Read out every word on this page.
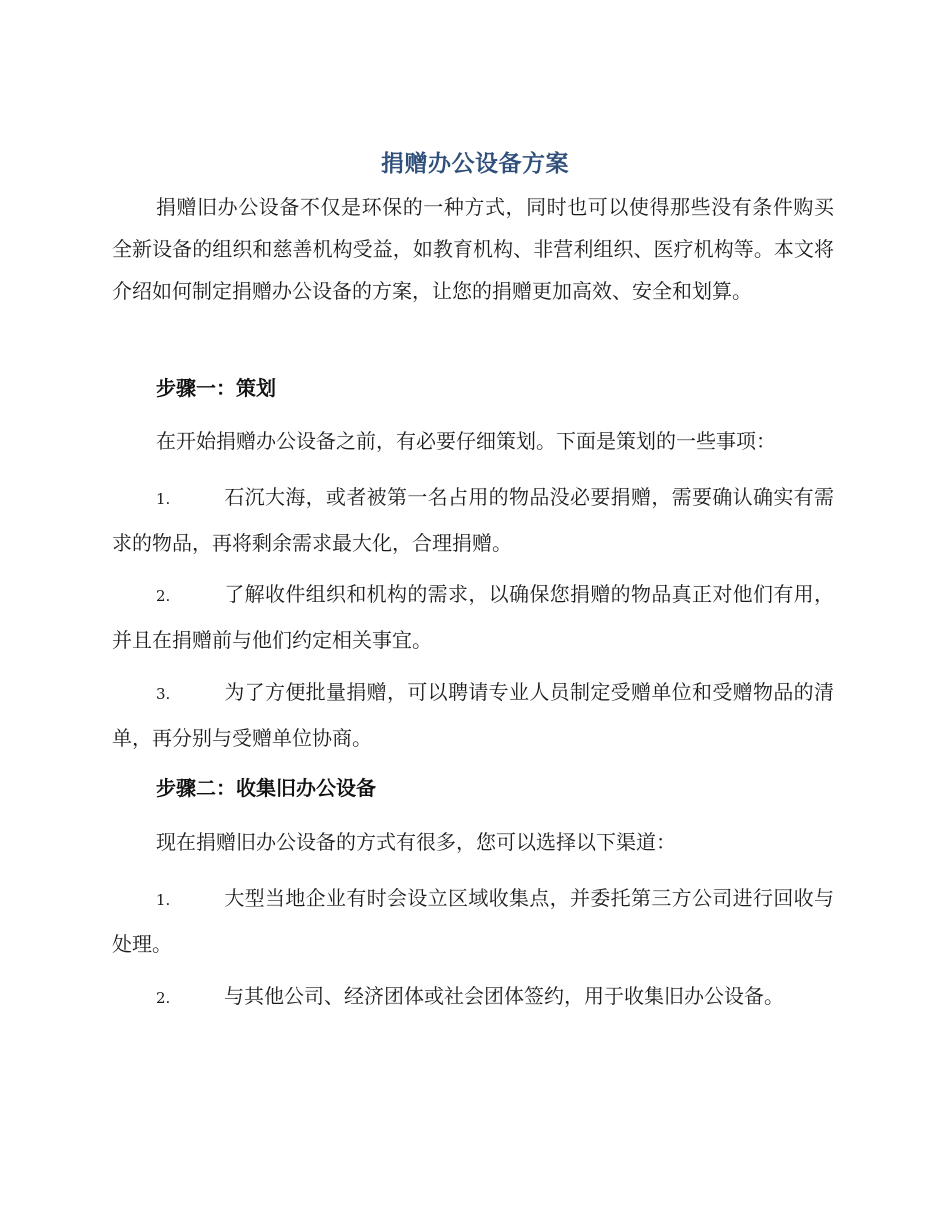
捐赠办公设备方案
捐赠旧办公设备不仅是环保的一种方式，同时也可以使得那些没有条件购买全新设备的组织和慈善机构受益，如教育机构、非营利组织、医疗机构等。本文将介绍如何制定捐赠办公设备的方案，让您的捐赠更加高效、安全和划算。
步骤一：策划
在开始捐赠办公设备之前，有必要仔细策划。下面是策划的一些事项：
1.	石沉大海，或者被第一名占用的物品没必要捐赠，需要确认确实有需求的物品，再将剩余需求最大化，合理捐赠。
2.	了解收件组织和机构的需求，以确保您捐赠的物品真正对他们有用，并且在捐赠前与他们约定相关事宜。
3.	为了方便批量捐赠，可以聘请专业人员制定受赠单位和受赠物品的清单，再分别与受赠单位协商。
步骤二：收集旧办公设备
现在捐赠旧办公设备的方式有很多，您可以选择以下渠道：
1.	大型当地企业有时会设立区域收集点，并委托第三方公司进行回收与处理。
2.	与其他公司、经济团体或社会团体签约，用于收集旧办公设备。
